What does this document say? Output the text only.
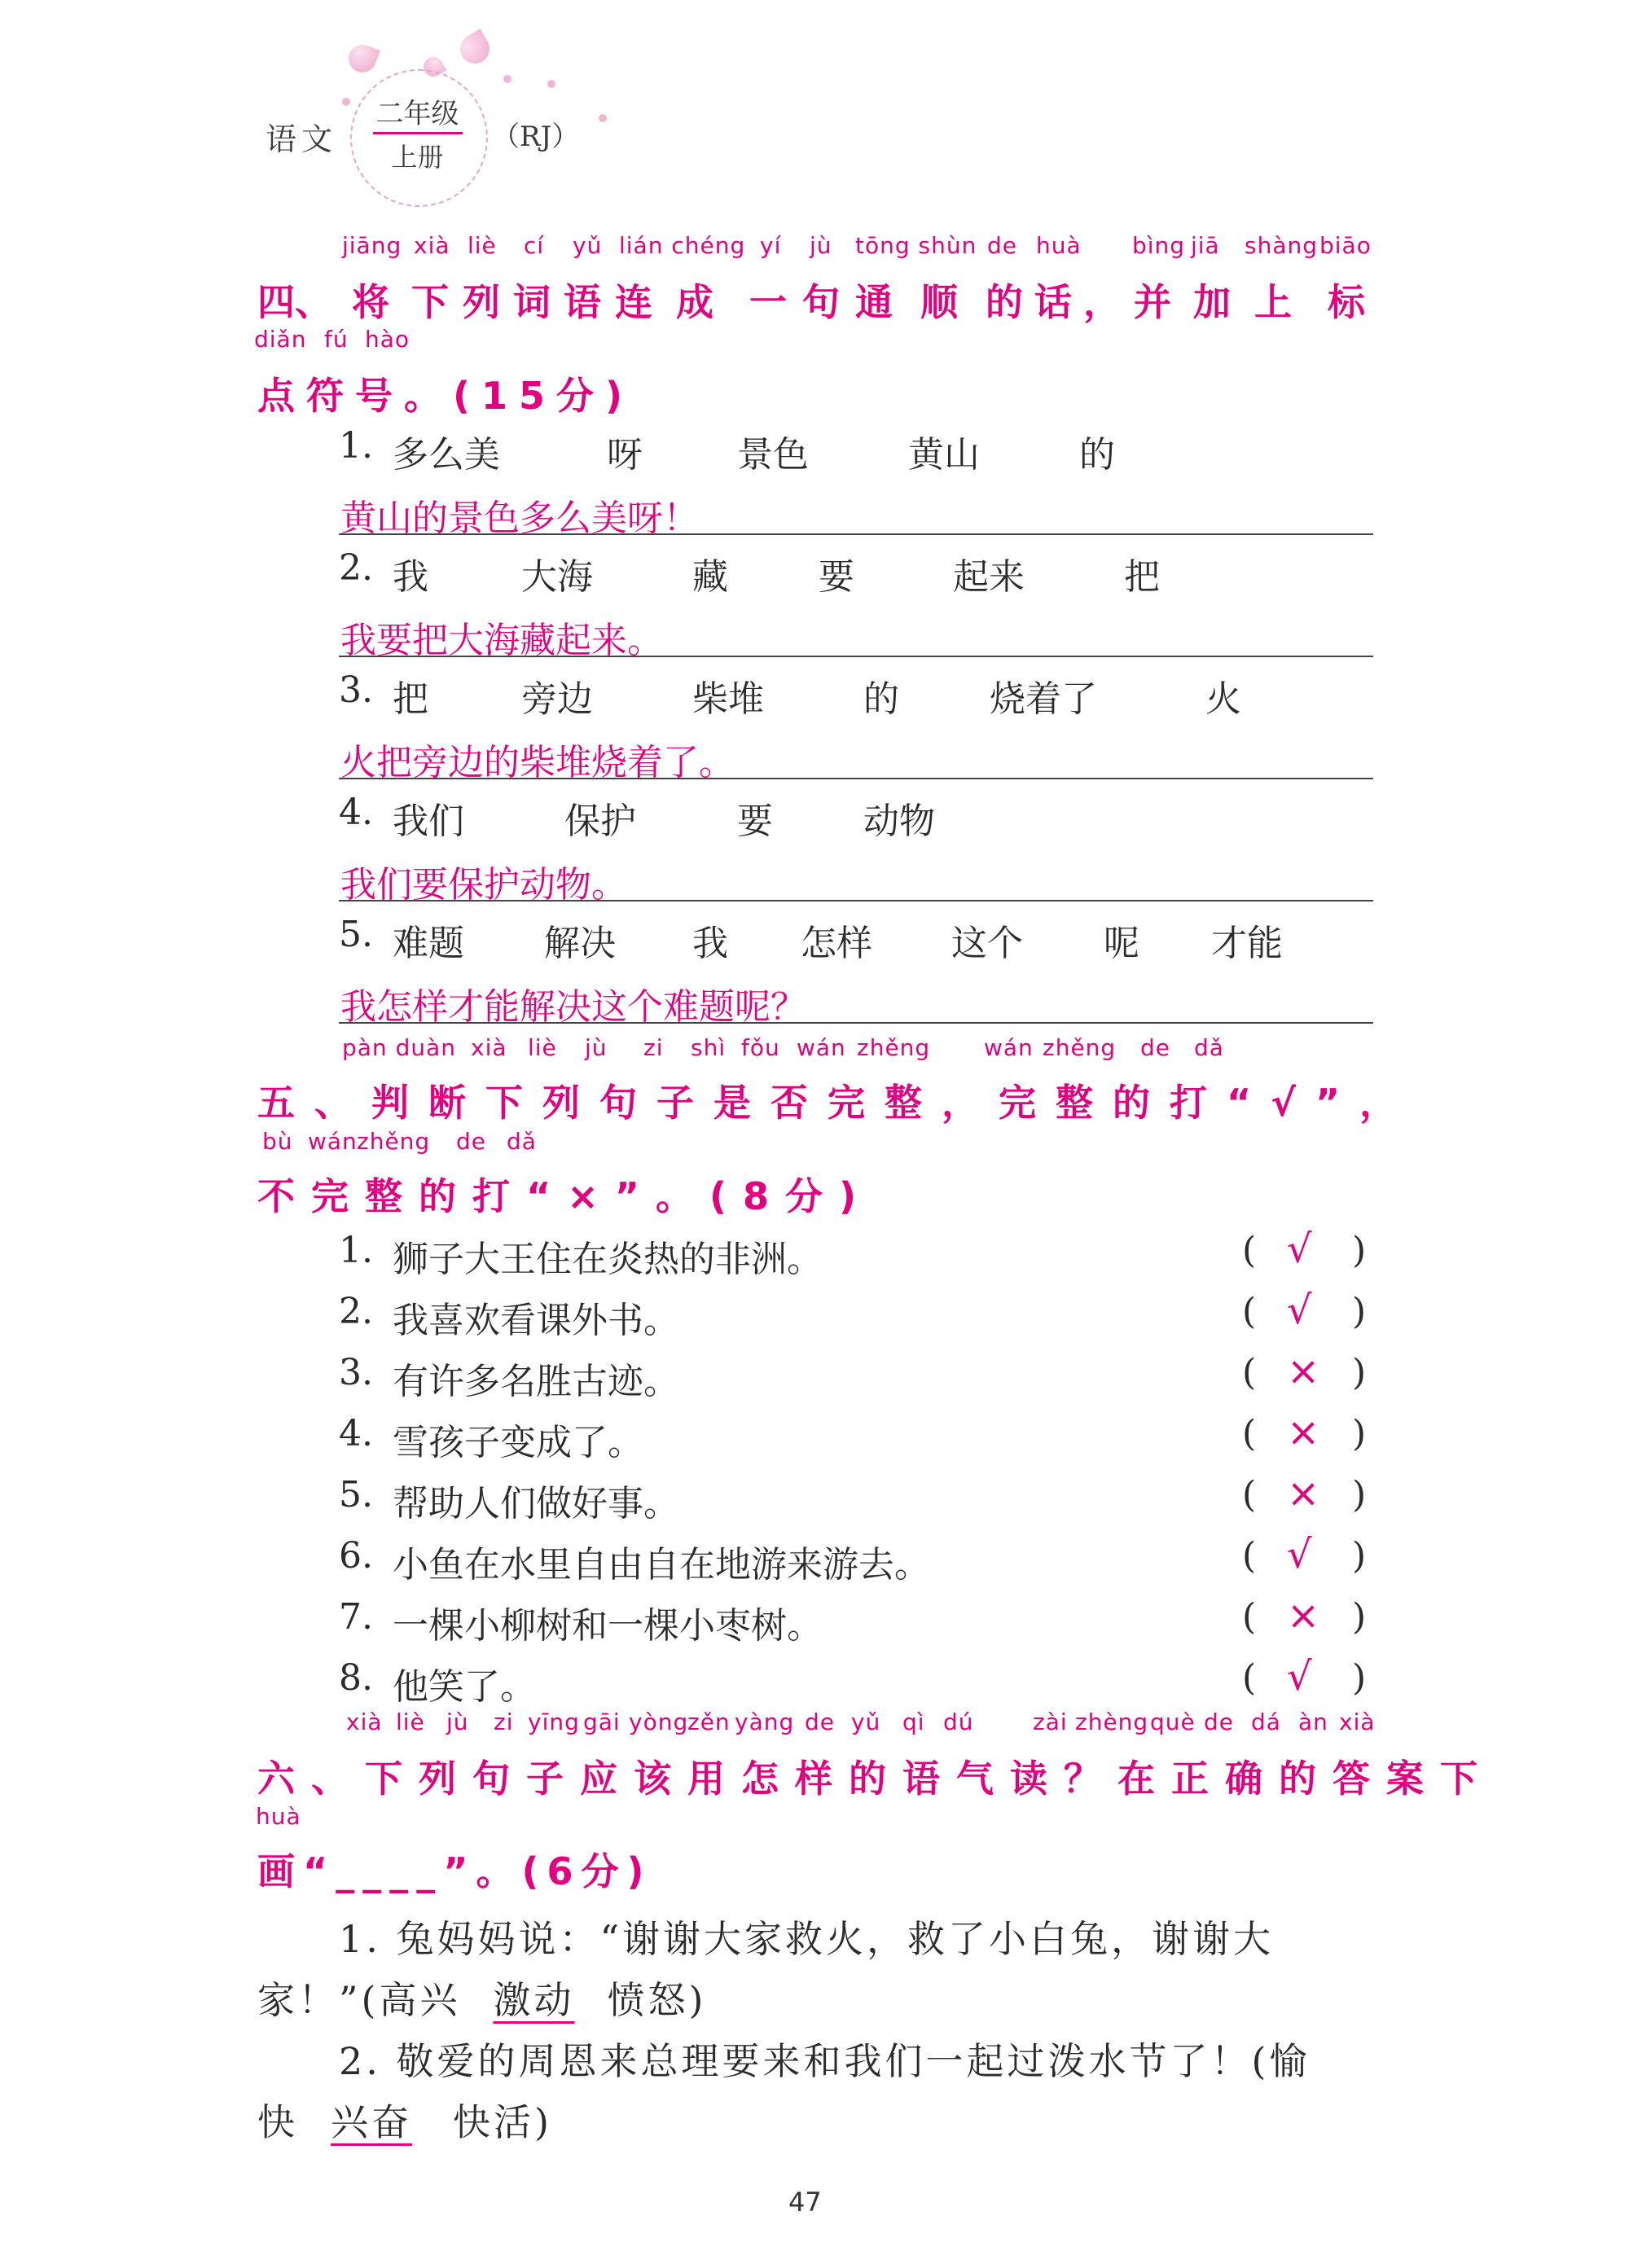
语文
二年级
上册
（RJ）
jiāng xià liè cí yǔ lián chéng yí jù tōng shùn de huà bìng jiā shàng biāo
四、 将 下 列 词 语 连 成 一 句 通 顺 的 话 ， 并 加 上 标
diǎn fú hào
点符号。(15分)
1. 多么美	呀	景色	黄山	的
黄山的景色多么美呀！
2. 我	大海	藏	要	起来	把
我要把大海藏起来。
3. 把	旁边	柴堆	的	烧着了	火
火把旁边的柴堆烧着了。
4. 我们	保护	要	动物
我们要保护动物。
5. 难题 解决 我 怎样 这个 呢 才能
我怎样才能解决这个难题呢？
pàn duàn xià liè jù zi shì fǒu wán zhěng wán zhěng de dǎ
五、判断下列句子是否完整，完整的打“√”，
bù wán zhěng de dǎ
不完整的打“×”。(8分)
1. 狮子大王住在炎热的非洲。	( √ )
2. 我喜欢看课外书。	( √ )
3. 有许多名胜古迹。	( × )
4. 雪孩子变成了。	( × )
5. 帮助人们做好事。	( × )
6. 小鱼在水里自由自在地游来游去。	( √ )
7. 一棵小柳树和一棵小枣树。	( × )
8. 他笑了。	( √ )
xià liè jù zi yīng gāi yòng
zěn yàng de yǔ qì dú	zài zhèng què de dá àn xià
六、下列句子应该用怎样的语气读？在正确的答案下
huà
画“____”。(6分)
1. 兔妈妈说：“谢谢大家救火，救了小白兔，谢谢大
家！”(高兴 激动 愤怒)
2. 敬爱的周恩来总理要来和我们一起过泼水节了！(愉
快 兴奋 快活)
47
